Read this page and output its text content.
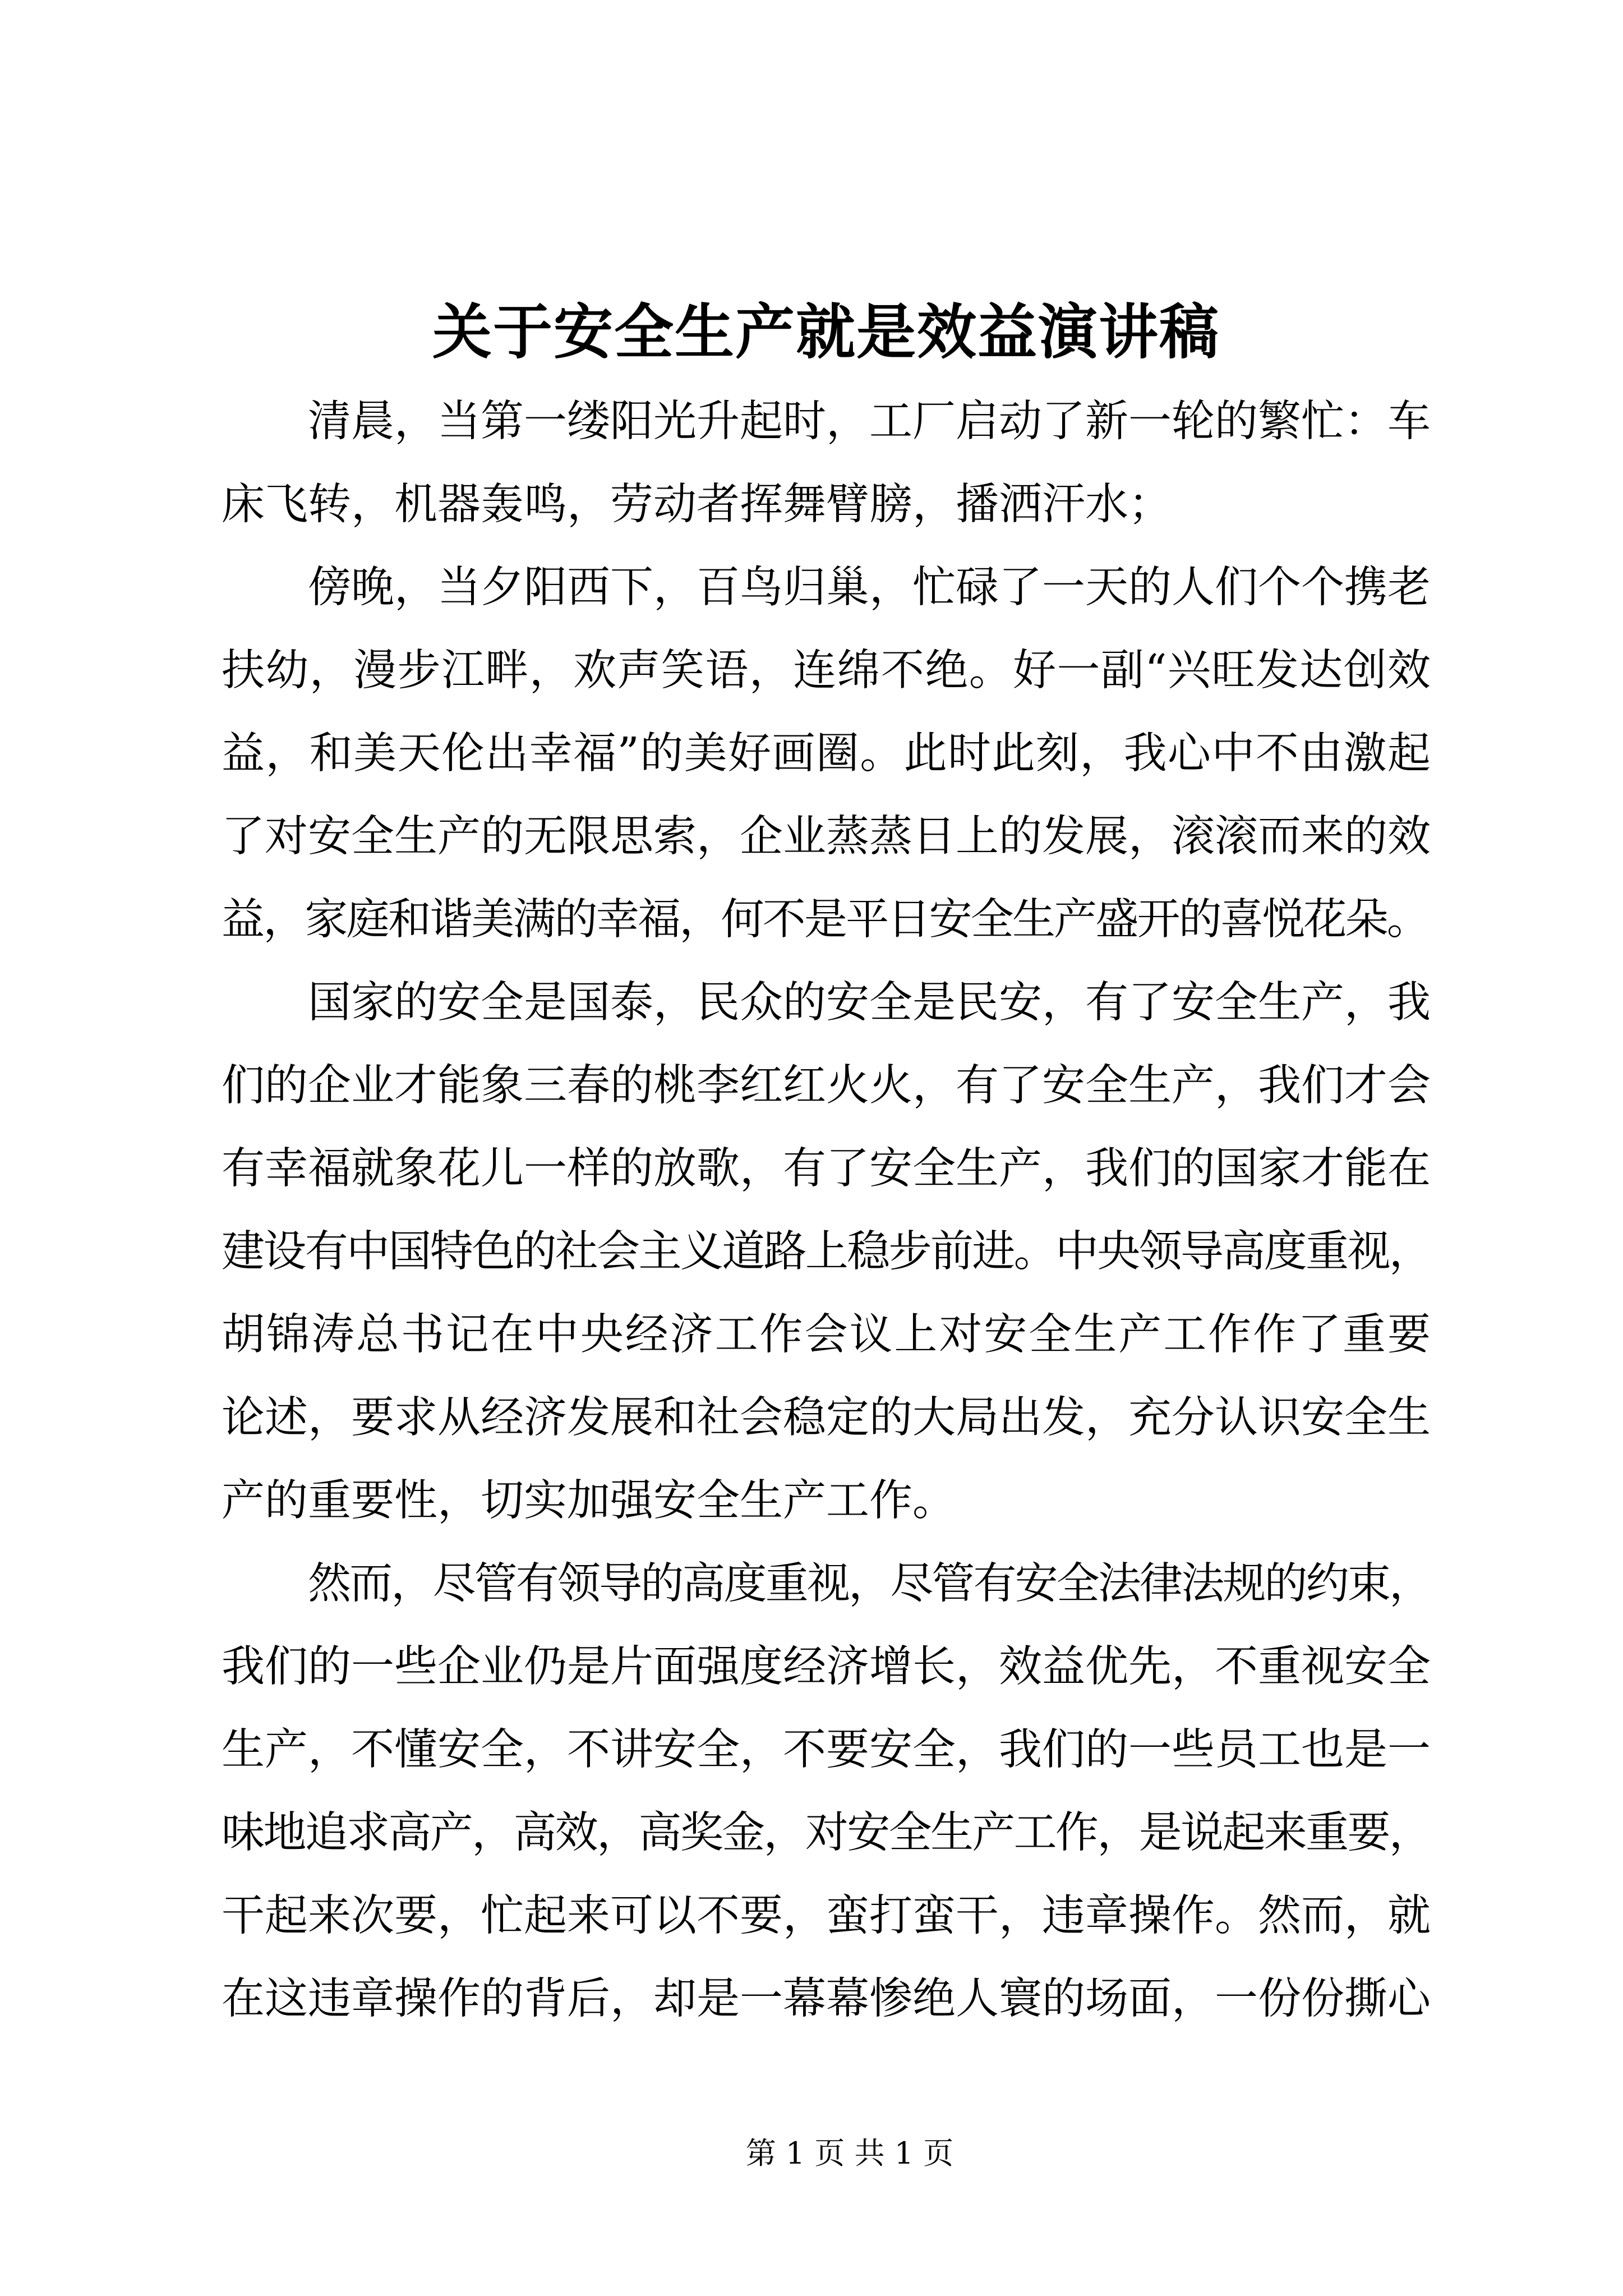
关于安全生产就是效益演讲稿
清晨，当第一缕阳光升起时，工厂启动了新一轮的繁忙：车
床飞转，机器轰鸣，劳动者挥舞臂膀，播洒汗水；
傍晚，当夕阳西下，百鸟归巢，忙碌了一天的人们个个携老
扶幼，漫步江畔，欢声笑语，连绵不绝。好一副“兴旺发达创效
益，和美天伦出幸福”的美好画圈。此时此刻，我心中不由激起
了对安全生产的无限思索，企业蒸蒸日上的发展，滚滚而来的效
益，家庭和谐美满的幸福，何不是平日安全生产盛开的喜悦花朵。
国家的安全是国泰，民众的安全是民安，有了安全生产，我
们的企业才能象三春的桃李红红火火，有了安全生产，我们才会
有幸福就象花儿一样的放歌，有了安全生产，我们的国家才能在
建设有中国特色的社会主义道路上稳步前进。中央领导高度重视，
胡锦涛总书记在中央经济工作会议上对安全生产工作作了重要
论述，要求从经济发展和社会稳定的大局出发，充分认识安全生
产的重要性，切实加强安全生产工作。
然而，尽管有领导的高度重视，尽管有安全法律法规的约束，
我们的一些企业仍是片面强度经济增长，效益优先，不重视安全
生产，不懂安全，不讲安全，不要安全，我们的一些员工也是一
味地追求高产，高效，高奖金，对安全生产工作，是说起来重要，
干起来次要，忙起来可以不要，蛮打蛮干，违章操作。然而，就
在这违章操作的背后，却是一幕幕惨绝人寰的场面，一份份撕心
第 1 页 共 1 页
